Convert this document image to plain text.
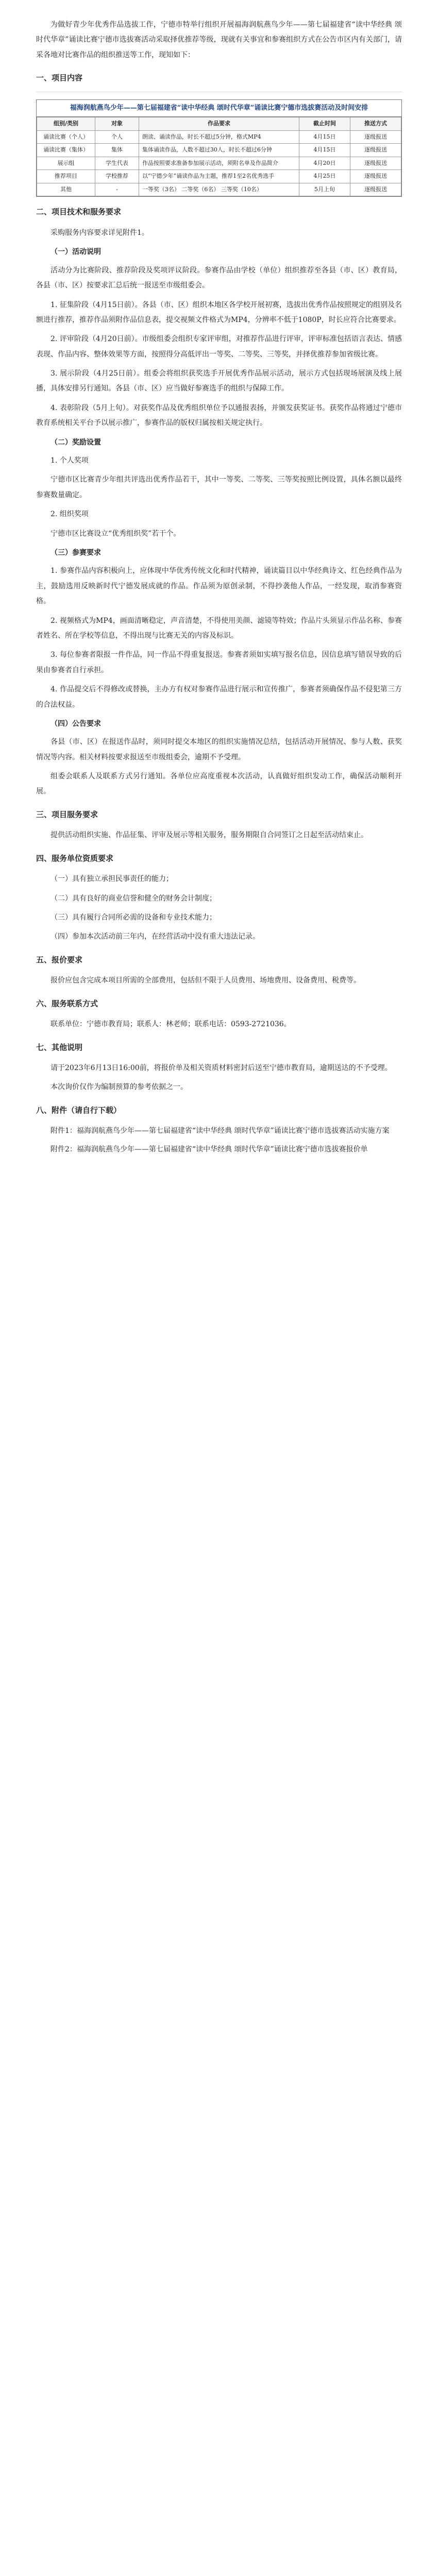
为做好青少年优秀作品选拔工作，宁德市特举行组织开展福海润航燕鸟少年——第七届福建省“读中华经典 颂时代华章”诵读比赛宁德市选拔赛活动采取择优推荐等级，现就有关事宜和参赛组织方式在公告市区内有关部门，请采各地对比赛作品的组织推送等工作，现知如下：

一、项目内容
福海润航燕鸟少年——第七届福建省“读中华经典 颂时代华章”诵读比赛宁德市选拔赛活动及时间安排
组别/类别	对象	作品要求	截止时间	推送方式
诵读比赛（个人）	个人	朗读、诵读作品，时长不超过5分钟，格式MP4	4月15日	逐级报送
诵读比赛（集体）	集体	集体诵读作品，人数不超过30人，时长不超过6分钟	4月15日	逐级报送
展示组	学生代表	作品按照要求准备参加展示活动，须附名单及作品简介	4月20日	逐级报送
推荐项目	学校推荐	以“宁德少年”诵读作品为主题，推荐1至2名优秀选手	4月25日	逐级报送
其他	-	一等奖（3名） 二等奖（6名） 三等奖（10名）	5月上旬	逐级报送
二、项目技术和服务要求

采购服务内容要求详见附件1。

（一）活动说明

活动分为比赛阶段、推荐阶段及奖项评议阶段。参赛作品由学校（单位）组织推荐至各县（市、区）教育局，各县（市、区）按要求汇总后统一报送至市级组委会。

1. 征集阶段（4月15日前）。各县（市、区）组织本地区各学校开展初赛，选拔出优秀作品按照规定的组别及名额进行推荐，推荐作品须附作品信息表，提交视频文件格式为MP4，分辨率不低于1080P，时长应符合比赛要求。

2. 评审阶段（4月20日前）。市级组委会组织专家评审组，对推荐作品进行评审，评审标准包括语言表达、情感表现、作品内容、整体效果等方面，按照得分高低评出一等奖、二等奖、三等奖，并择优推荐参加省级比赛。

3. 展示阶段（4月25日前）。组委会将组织获奖选手开展优秀作品展示活动，展示方式包括现场展演及线上展播，具体安排另行通知。各县（市、区）应当做好参赛选手的组织与保障工作。

4. 表彰阶段（5月上旬）。对获奖作品及优秀组织单位予以通报表扬，并颁发获奖证书。获奖作品将通过宁德市教育系统相关平台予以展示推广，参赛作品的版权归属按相关规定执行。

（二）奖励设置

1. 个人奖项

宁德市区比赛青少年组共评选出优秀作品若干，其中一等奖、二等奖、三等奖按照比例设置，具体名额以最终参赛数量确定。

2. 组织奖项

宁德市区比赛设立“优秀组织奖”若干个。

（三）参赛要求

1. 参赛作品内容积极向上，应体现中华优秀传统文化和时代精神，诵读篇目以中华经典诗文、红色经典作品为主，鼓励选用反映新时代宁德发展成就的作品。作品须为原创录制，不得抄袭他人作品，一经发现，取消参赛资格。

2. 视频格式为MP4，画面清晰稳定，声音清楚，不得使用美颜、滤镜等特效；作品片头须显示作品名称、参赛者姓名、所在学校等信息，不得出现与比赛无关的内容及标识。

3. 每位参赛者限报一件作品，同一作品不得重复报送。参赛者须如实填写报名信息，因信息填写错误导致的后果由参赛者自行承担。

4. 作品提交后不得修改或替换，主办方有权对参赛作品进行展示和宣传推广，参赛者须确保作品不侵犯第三方的合法权益。

（四）公告要求

各县（市、区）在报送作品时，须同时提交本地区的组织实施情况总结，包括活动开展情况、参与人数、获奖情况等内容。相关材料按要求报送至市级组委会，逾期不予受理。

组委会联系人及联系方式另行通知。各单位应高度重视本次活动，认真做好组织发动工作，确保活动顺利开展。

三、项目服务要求

提供活动组织实施、作品征集、评审及展示等相关服务，服务期限自合同签订之日起至活动结束止。

四、服务单位资质要求

（一）具有独立承担民事责任的能力；

（二）具有良好的商业信誉和健全的财务会计制度；

（三）具有履行合同所必需的设备和专业技术能力；

（四）参加本次活动前三年内，在经营活动中没有重大违法记录。

五、报价要求

报价应包含完成本项目所需的全部费用，包括但不限于人员费用、场地费用、设备费用、税费等。

六、服务联系方式

联系单位：宁德市教育局；联系人：林老师；联系电话：0593-2721036。

七、其他说明

请于2023年6月13日16:00前，将报价单及相关资质材料密封后送至宁德市教育局，逾期送达的不予受理。

本次询价仅作为编制预算的参考依据之一。

八、附件（请自行下载）

附件1：福海润航燕鸟少年——第七届福建省“读中华经典 颂时代华章”诵读比赛宁德市选拔赛活动实施方案

附件2：福海润航燕鸟少年——第七届福建省“读中华经典 颂时代华章”诵读比赛宁德市选拔赛报价单
